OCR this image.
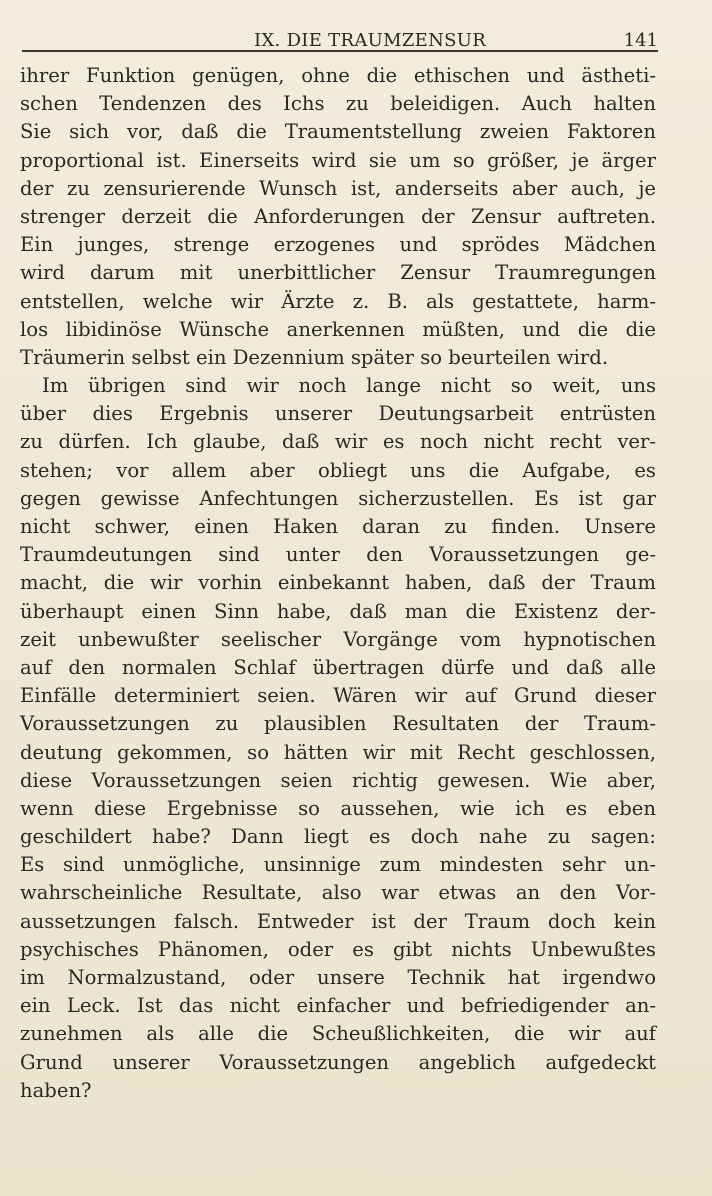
IX. DIE TRAUMZENSUR	141
ihrer Funktion genügen, ohne die ethischen und ästheti-
schen Tendenzen des Ichs zu beleidigen. Auch halten
Sie sich vor, daß die Traumentstellung zweien Faktoren
proportional ist. Einerseits wird sie um so größer, je ärger
der zu zensurierende Wunsch ist, anderseits aber auch, je
strenger derzeit die Anforderungen der Zensur auftreten.
Ein junges, strenge erzogenes und sprödes Mädchen
wird darum mit unerbittlicher Zensur Traumregungen
entstellen, welche wir Ärzte z. B. als gestattete, harm-
los libidinöse Wünsche anerkennen müßten, und die die
Träumerin selbst ein Dezennium später so beurteilen wird.
Im übrigen sind wir noch lange nicht so weit, uns
über dies Ergebnis unserer Deutungsarbeit entrüsten
zu dürfen. Ich glaube, daß wir es noch nicht recht ver-
stehen; vor allem aber obliegt uns die Aufgabe, es
gegen gewisse Anfechtungen sicherzustellen. Es ist gar
nicht schwer, einen Haken daran zu finden. Unsere
Traumdeutungen sind unter den Voraussetzungen ge-
macht, die wir vorhin einbekannt haben, daß der Traum
überhaupt einen Sinn habe, daß man die Existenz der-
zeit unbewußter seelischer Vorgänge vom hypnotischen
auf den normalen Schlaf übertragen dürfe und daß alle
Einfälle determiniert seien. Wären wir auf Grund dieser
Voraussetzungen zu plausiblen Resultaten der Traum-
deutung gekommen, so hätten wir mit Recht geschlossen,
diese Voraussetzungen seien richtig gewesen. Wie aber,
wenn diese Ergebnisse so aussehen, wie ich es eben
geschildert habe? Dann liegt es doch nahe zu sagen:
Es sind unmögliche, unsinnige zum mindesten sehr un-
wahrscheinliche Resultate, also war etwas an den Vor-
aussetzungen falsch. Entweder ist der Traum doch kein
psychisches Phänomen, oder es gibt nichts Unbewußtes
im Normalzustand, oder unsere Technik hat irgendwo
ein Leck. Ist das nicht einfacher und befriedigender an-
zunehmen als alle die Scheußlichkeiten, die wir auf
Grund unserer Voraussetzungen angeblich aufgedeckt
haben?
